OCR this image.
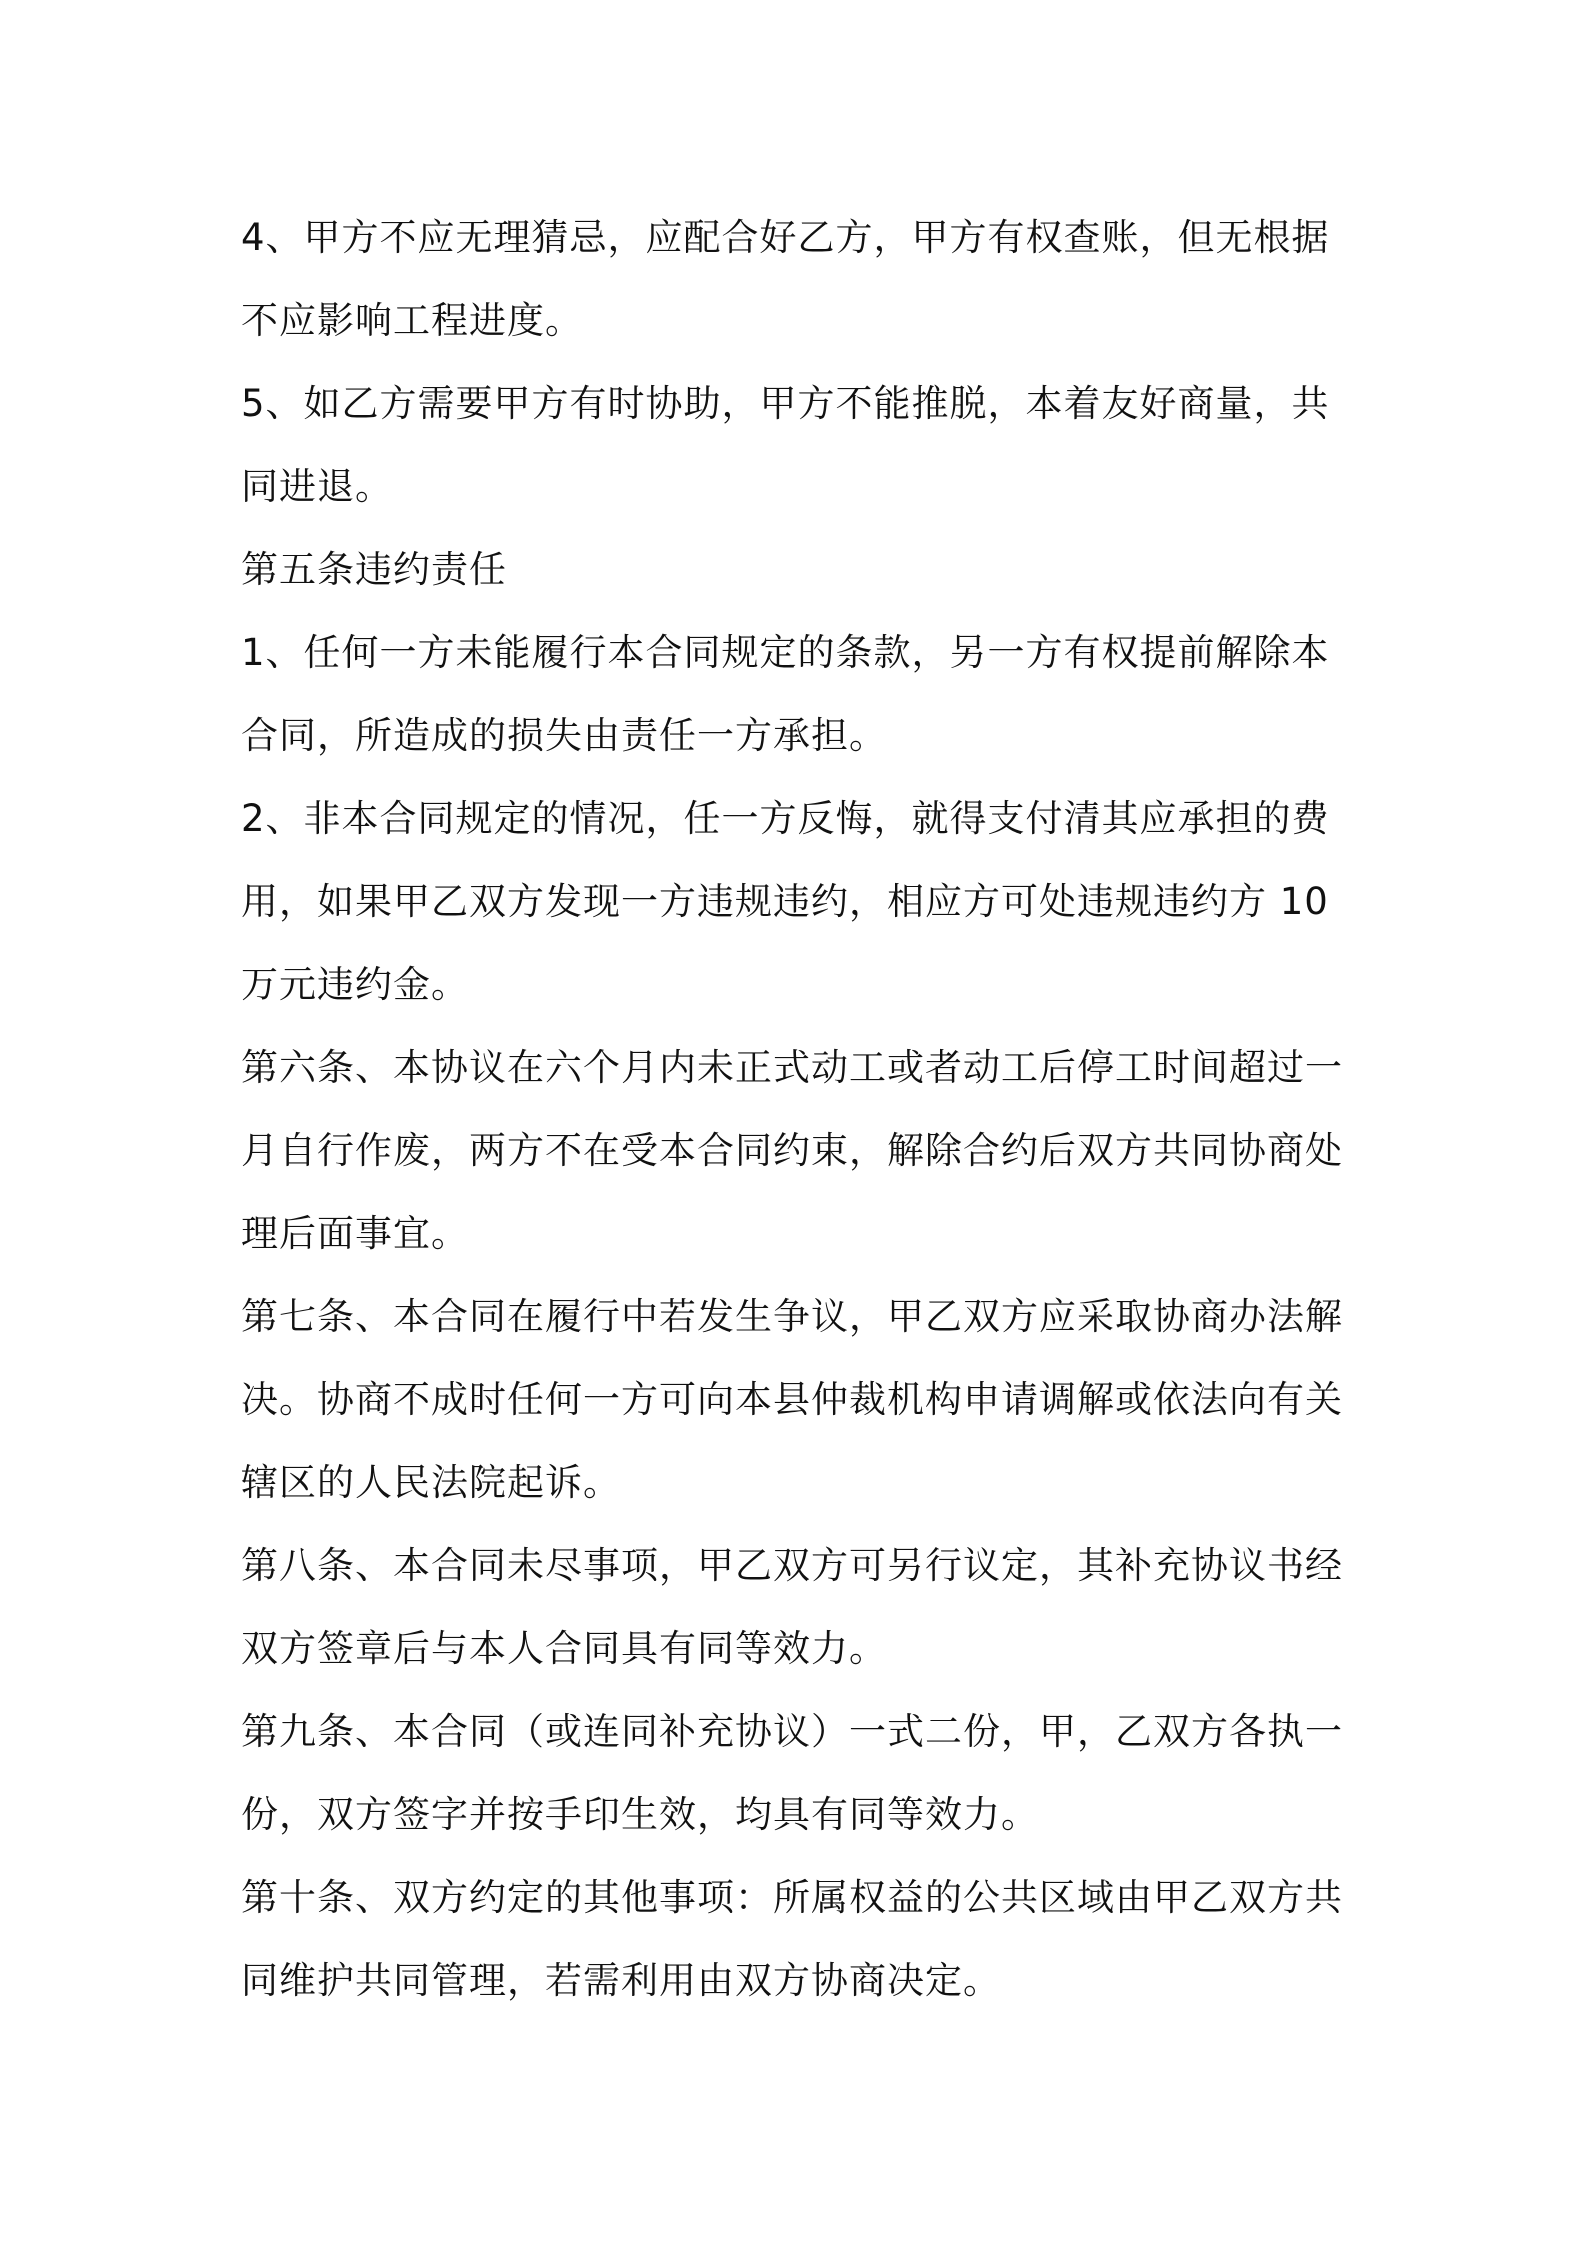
4、甲方不应无理猜忌，应配合好乙方，甲方有权查账，但无根据不应影响工程进度。

5、如乙方需要甲方有时协助，甲方不能推脱，本着友好商量，共同进退。

第五条违约责任

1、任何一方未能履行本合同规定的条款，另一方有权提前解除本合同，所造成的损失由责任一方承担。

2、非本合同规定的情况，任一方反悔，就得支付清其应承担的费用，如果甲乙双方发现一方违规违约，相应方可处违规违约方 10 万元违约金。

第六条、本协议在六个月内未正式动工或者动工后停工时间超过一月自行作废，两方不在受本合同约束，解除合约后双方共同协商处理后面事宜。

第七条、本合同在履行中若发生争议，甲乙双方应采取协商办法解决。协商不成时任何一方可向本县仲裁机构申请调解或依法向有关辖区的人民法院起诉。

第八条、本合同未尽事项，甲乙双方可另行议定，其补充协议书经双方签章后与本人合同具有同等效力。

第九条、本合同（或连同补充协议）一式二份，甲，乙双方各执一份，双方签字并按手印生效，均具有同等效力。

第十条、双方约定的其他事项：所属权益的公共区域由甲乙双方共同维护共同管理，若需利用由双方协商决定。
